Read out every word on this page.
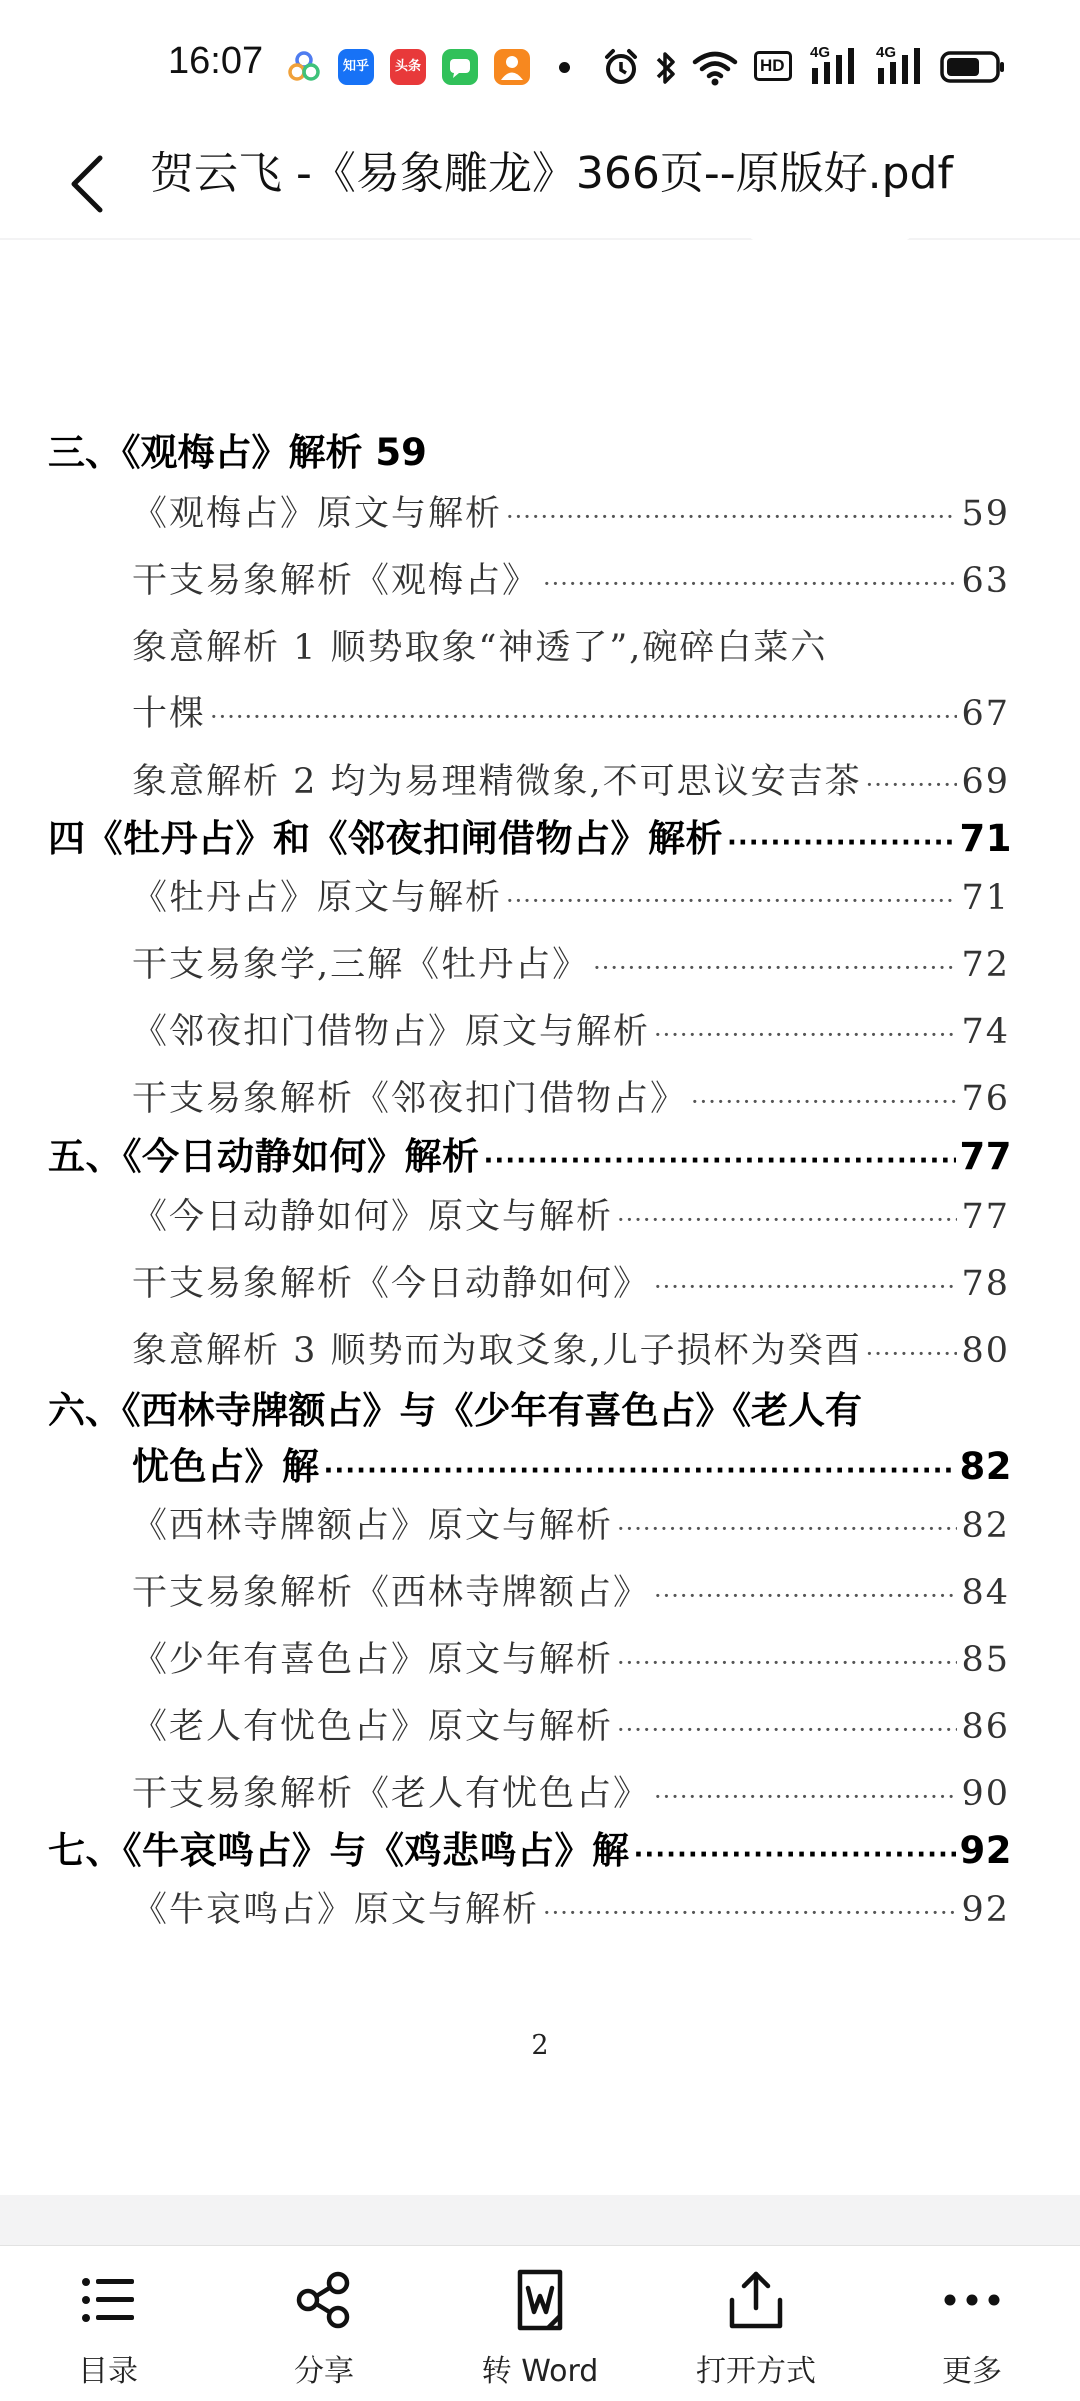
16:07	知乎	头条	HD
4G	4G
贺云飞 -《易象雕龙》366页--原版好.pdf
三、《观梅占》解析 59
《观梅占》原文与解析 ·····	59
干支易象解析《观梅占》 ·····	63
象意解析 1 顺势取象“神透了”,碗碎白菜六
十棵 ·····	67
象意解析 2 均为易理精微象,不可思议安吉茶 ·····	69
四《牡丹占》和《邻夜扣闸借物占》解析 ·····	71
《牡丹占》原文与解析 ·····	71
干支易象学,三解《牡丹占》 ·····	72
《邻夜扣门借物占》原文与解析 ·····	74
干支易象解析《邻夜扣门借物占》 ·····	76
五、《今日动静如何》解析 ·····	77
《今日动静如何》原文与解析 ·····	77
干支易象解析《今日动静如何》 ·····	78
象意解析 3 顺势而为取爻象,儿子损杯为癸酉 ·····	80
六、《西林寺牌额占》与《少年有喜色占》《老人有
忧色占》解 ·····	82
《西林寺牌额占》原文与解析 ·····	82
干支易象解析《西林寺牌额占》 ·····	84
《少年有喜色占》原文与解析 ·····	85
《老人有忧色占》原文与解析 ·····	86
干支易象解析《老人有忧色占》 ·····	90
七、《牛哀鸣占》与《鸡悲鸣占》解 ·····	92
《牛哀鸣占》原文与解析 ·····	92
2
目录	分享	转 Word	打开方式	更多
